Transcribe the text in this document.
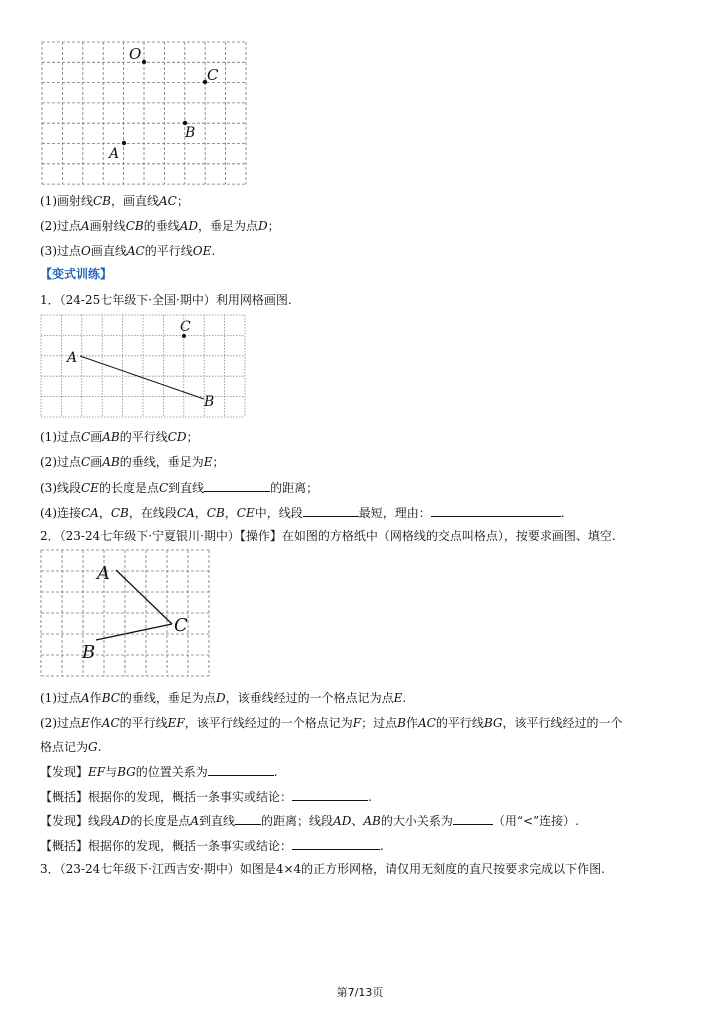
O
C
B
A
(1)画射线CB，画直线AC；
(2)过点A画射线CB的垂线AD，垂足为点D；
(3)过点O画直线AC的平行线OE.
【变式训练】
1．（24-25七年级下·全国·期中）利用网格画图.
A
B
C
(1)过点C画AB的平行线CD；
(2)过点C画AB的垂线，垂足为E；
(3)线段CE的长度是点C到直线	的距离；
(4)连接CA，CB，在线段CA，CB，CE中，线段	最短，理由：	.
2．（23-24七年级下·宁夏银川·期中）【操作】在如图的方格纸中（网格线的交点叫格点），按要求画图、填空.
A
C
B
(1)过点A作BC的垂线，垂足为点D，该垂线经过的一个格点记为点E.
(2)过点E作AC的平行线EF，该平行线经过的一个格点记为F；过点B作AC的平行线BG，该平行线经过的一个
格点记为G.
【发现】EF与BG的位置关系为	.
【概括】根据你的发现，概括一条事实或结论：	.
【发现】线段AD的长度是点A到直线 的距离；线段AD、AB的大小关系为	（用“<”连接）.
【概括】根据你的发现，概括一条事实或结论：	.
3．（23-24七年级下·江西吉安·期中）如图是4×4的正方形网格，请仅用无刻度的直尺按要求完成以下作图.
第7/13页
